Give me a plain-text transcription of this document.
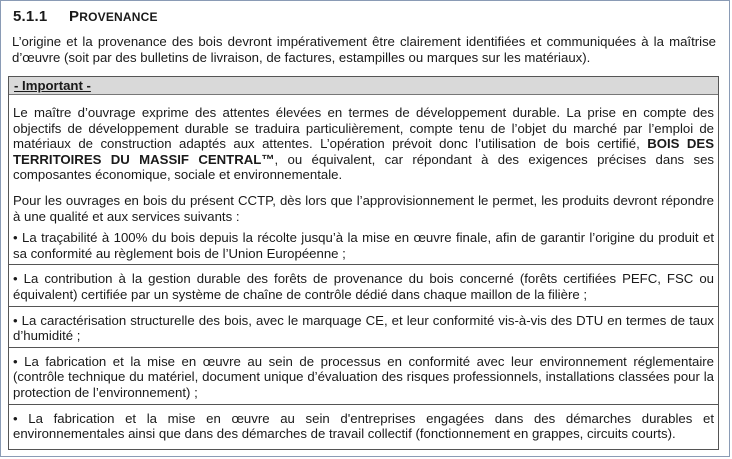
5.1.1 PROVENANCE
L’origine et la provenance des bois devront impérativement être clairement identifiées et communiquées à la maîtrise d’œuvre (soit par des bulletins de livraison, de factures, estampilles ou marques sur les matériaux).
- Important -

Le maître d’ouvrage exprime des attentes élevées en termes de développement durable. La prise en compte des objectifs de développement durable se traduira particulièrement, compte tenu de l’objet du marché par l’emploi de matériaux de construction adaptés aux attentes. L’opération prévoit donc l’utilisation de bois certifié, BOIS DES TERRITOIRES DU MASSIF CENTRAL™, ou équivalent, car répondant à des exigences précises dans ses composantes économique, sociale et environnementale.

Pour les ouvrages en bois du présent CCTP, dès lors que l’approvisionnement le permet, les produits devront répondre à une qualité et aux services suivants :

• La traçabilité à 100% du bois depuis la récolte jusqu’à la mise en œuvre finale, afin de garantir l’origine du produit et sa conformité au règlement bois de l’Union Européenne ;

• La contribution à la gestion durable des forêts de provenance du bois concerné (forêts certifiées PEFC, FSC ou équivalent) certifiée par un système de chaîne de contrôle dédié dans chaque maillon de la filière ;

• La caractérisation structurelle des bois, avec le marquage CE, et leur conformité vis-à-vis des DTU en termes de taux d’humidité ;

• La fabrication et la mise en œuvre au sein de processus en conformité avec leur environnement réglementaire (contrôle technique du matériel, document unique d’évaluation des risques professionnels, installations classées pour la protection de l’environnement) ;

• La fabrication et la mise en œuvre au sein d'entreprises engagées dans des démarches durables et environnementales ainsi que dans des démarches de travail collectif (fonctionnement en grappes, circuits courts).
